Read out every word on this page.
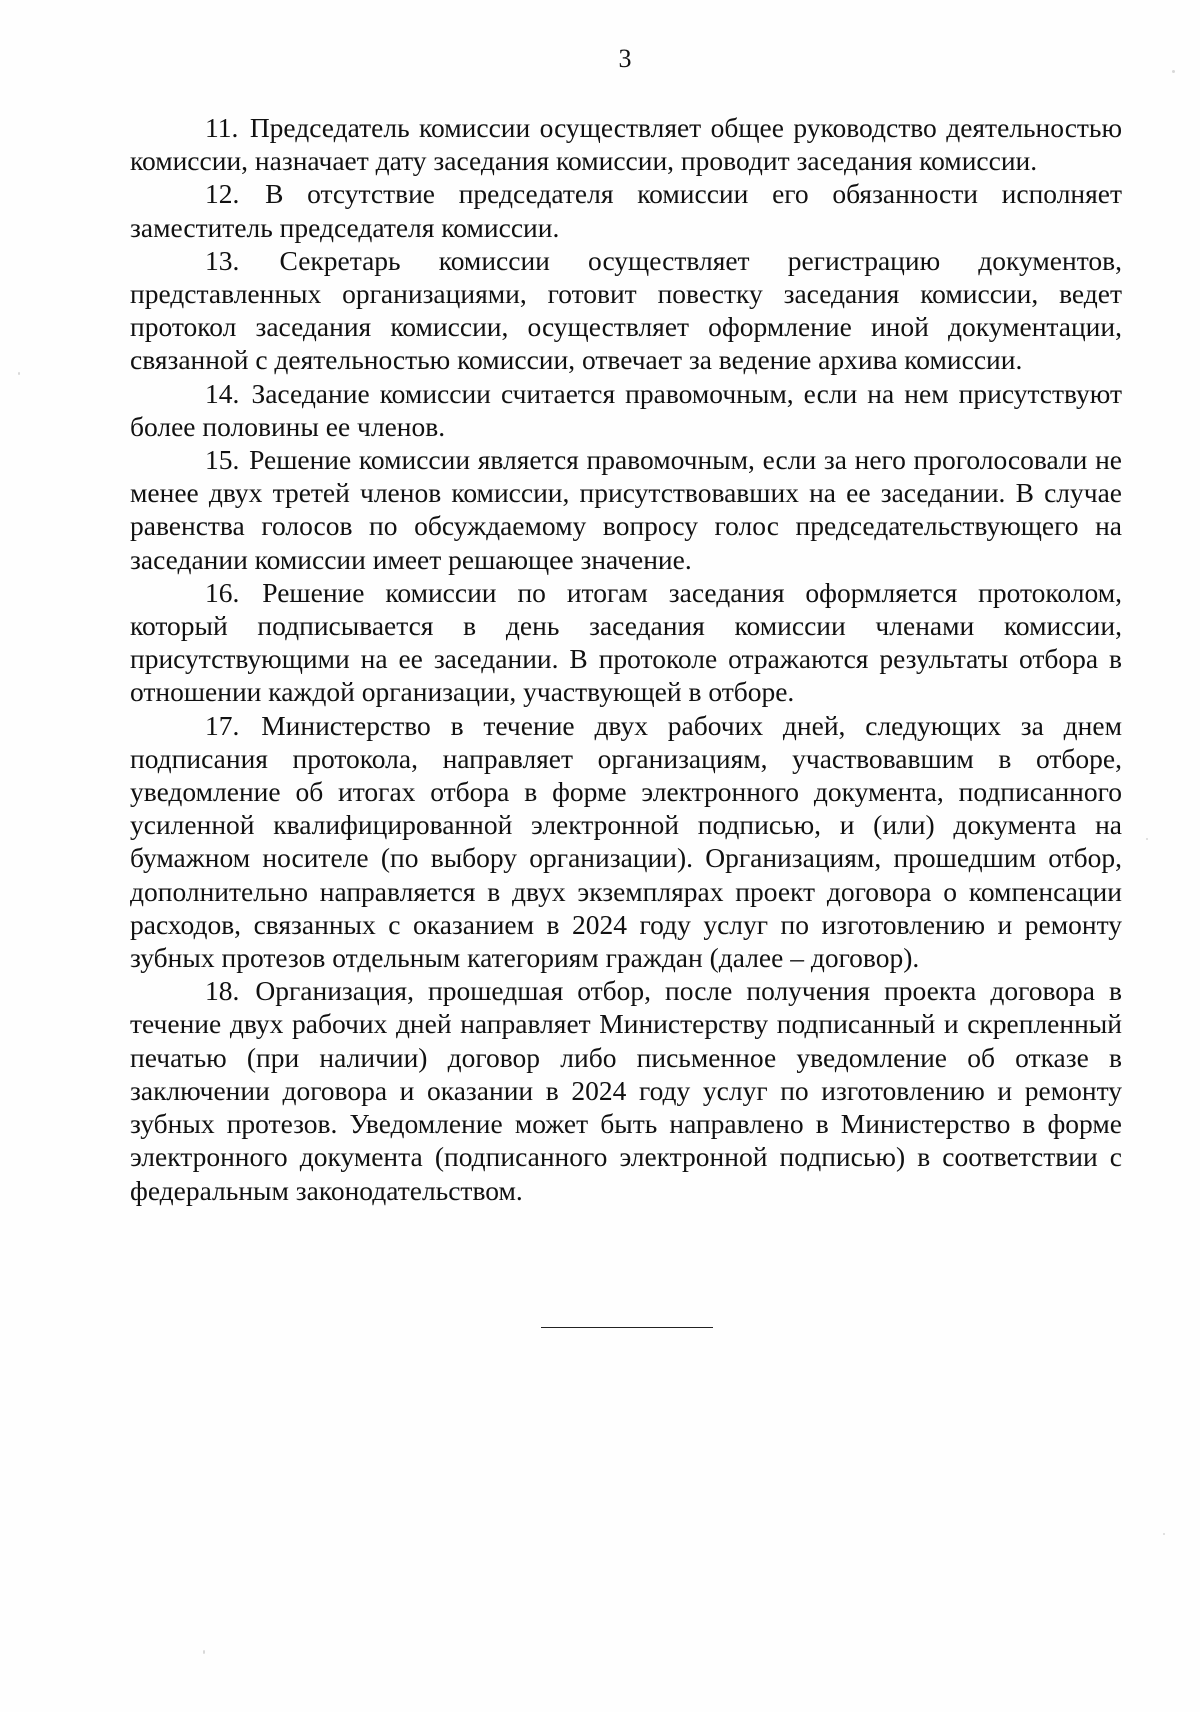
3

11. Председатель комиссии осуществляет общее руководство деятельностью комиссии, назначает дату заседания комиссии, проводит заседания комиссии.

12. В отсутствие председателя комиссии его обязанности исполняет заместитель председателя комиссии.

13. Секретарь комиссии осуществляет регистрацию документов, представленных организациями, готовит повестку заседания комиссии, ведет протокол заседания комиссии, осуществляет оформление иной документации, связанной с деятельностью комиссии, отвечает за ведение архива комиссии.

14. Заседание комиссии считается правомочным, если на нем присутствуют более половины ее членов.

15. Решение комиссии является правомочным, если за него проголосовали не менее двух третей членов комиссии, присутствовавших на ее заседании. В случае равенства голосов по обсуждаемому вопросу голос председательствующего на заседании комиссии имеет решающее значение.

16. Решение комиссии по итогам заседания оформляется протоколом, который подписывается в день заседания комиссии членами комиссии, присутствующими на ее заседании. В протоколе отражаются результаты отбора в отношении каждой организации, участвующей в отборе.

17. Министерство в течение двух рабочих дней, следующих за днем подписания протокола, направляет организациям, участвовавшим в отборе, уведомление об итогах отбора в форме электронного документа, подписанного усиленной квалифицированной электронной подписью, и (или) документа на бумажном носителе (по выбору организации). Организациям, прошедшим отбор, дополнительно направляется в двух экземплярах проект договора о компенсации расходов, связанных с оказанием в 2024 году услуг по изготовлению и ремонту зубных протезов отдельным категориям граждан (далее – договор).

18. Организация, прошедшая отбор, после получения проекта договора в течение двух рабочих дней направляет Министерству подписанный и скрепленный печатью (при наличии) договор либо письменное уведомление об отказе в заключении договора и оказании в 2024 году услуг по изготовлению и ремонту зубных протезов. Уведомление может быть направлено в Министерство в форме электронного документа (подписанного электронной подписью) в соответствии с федеральным законодательством.
